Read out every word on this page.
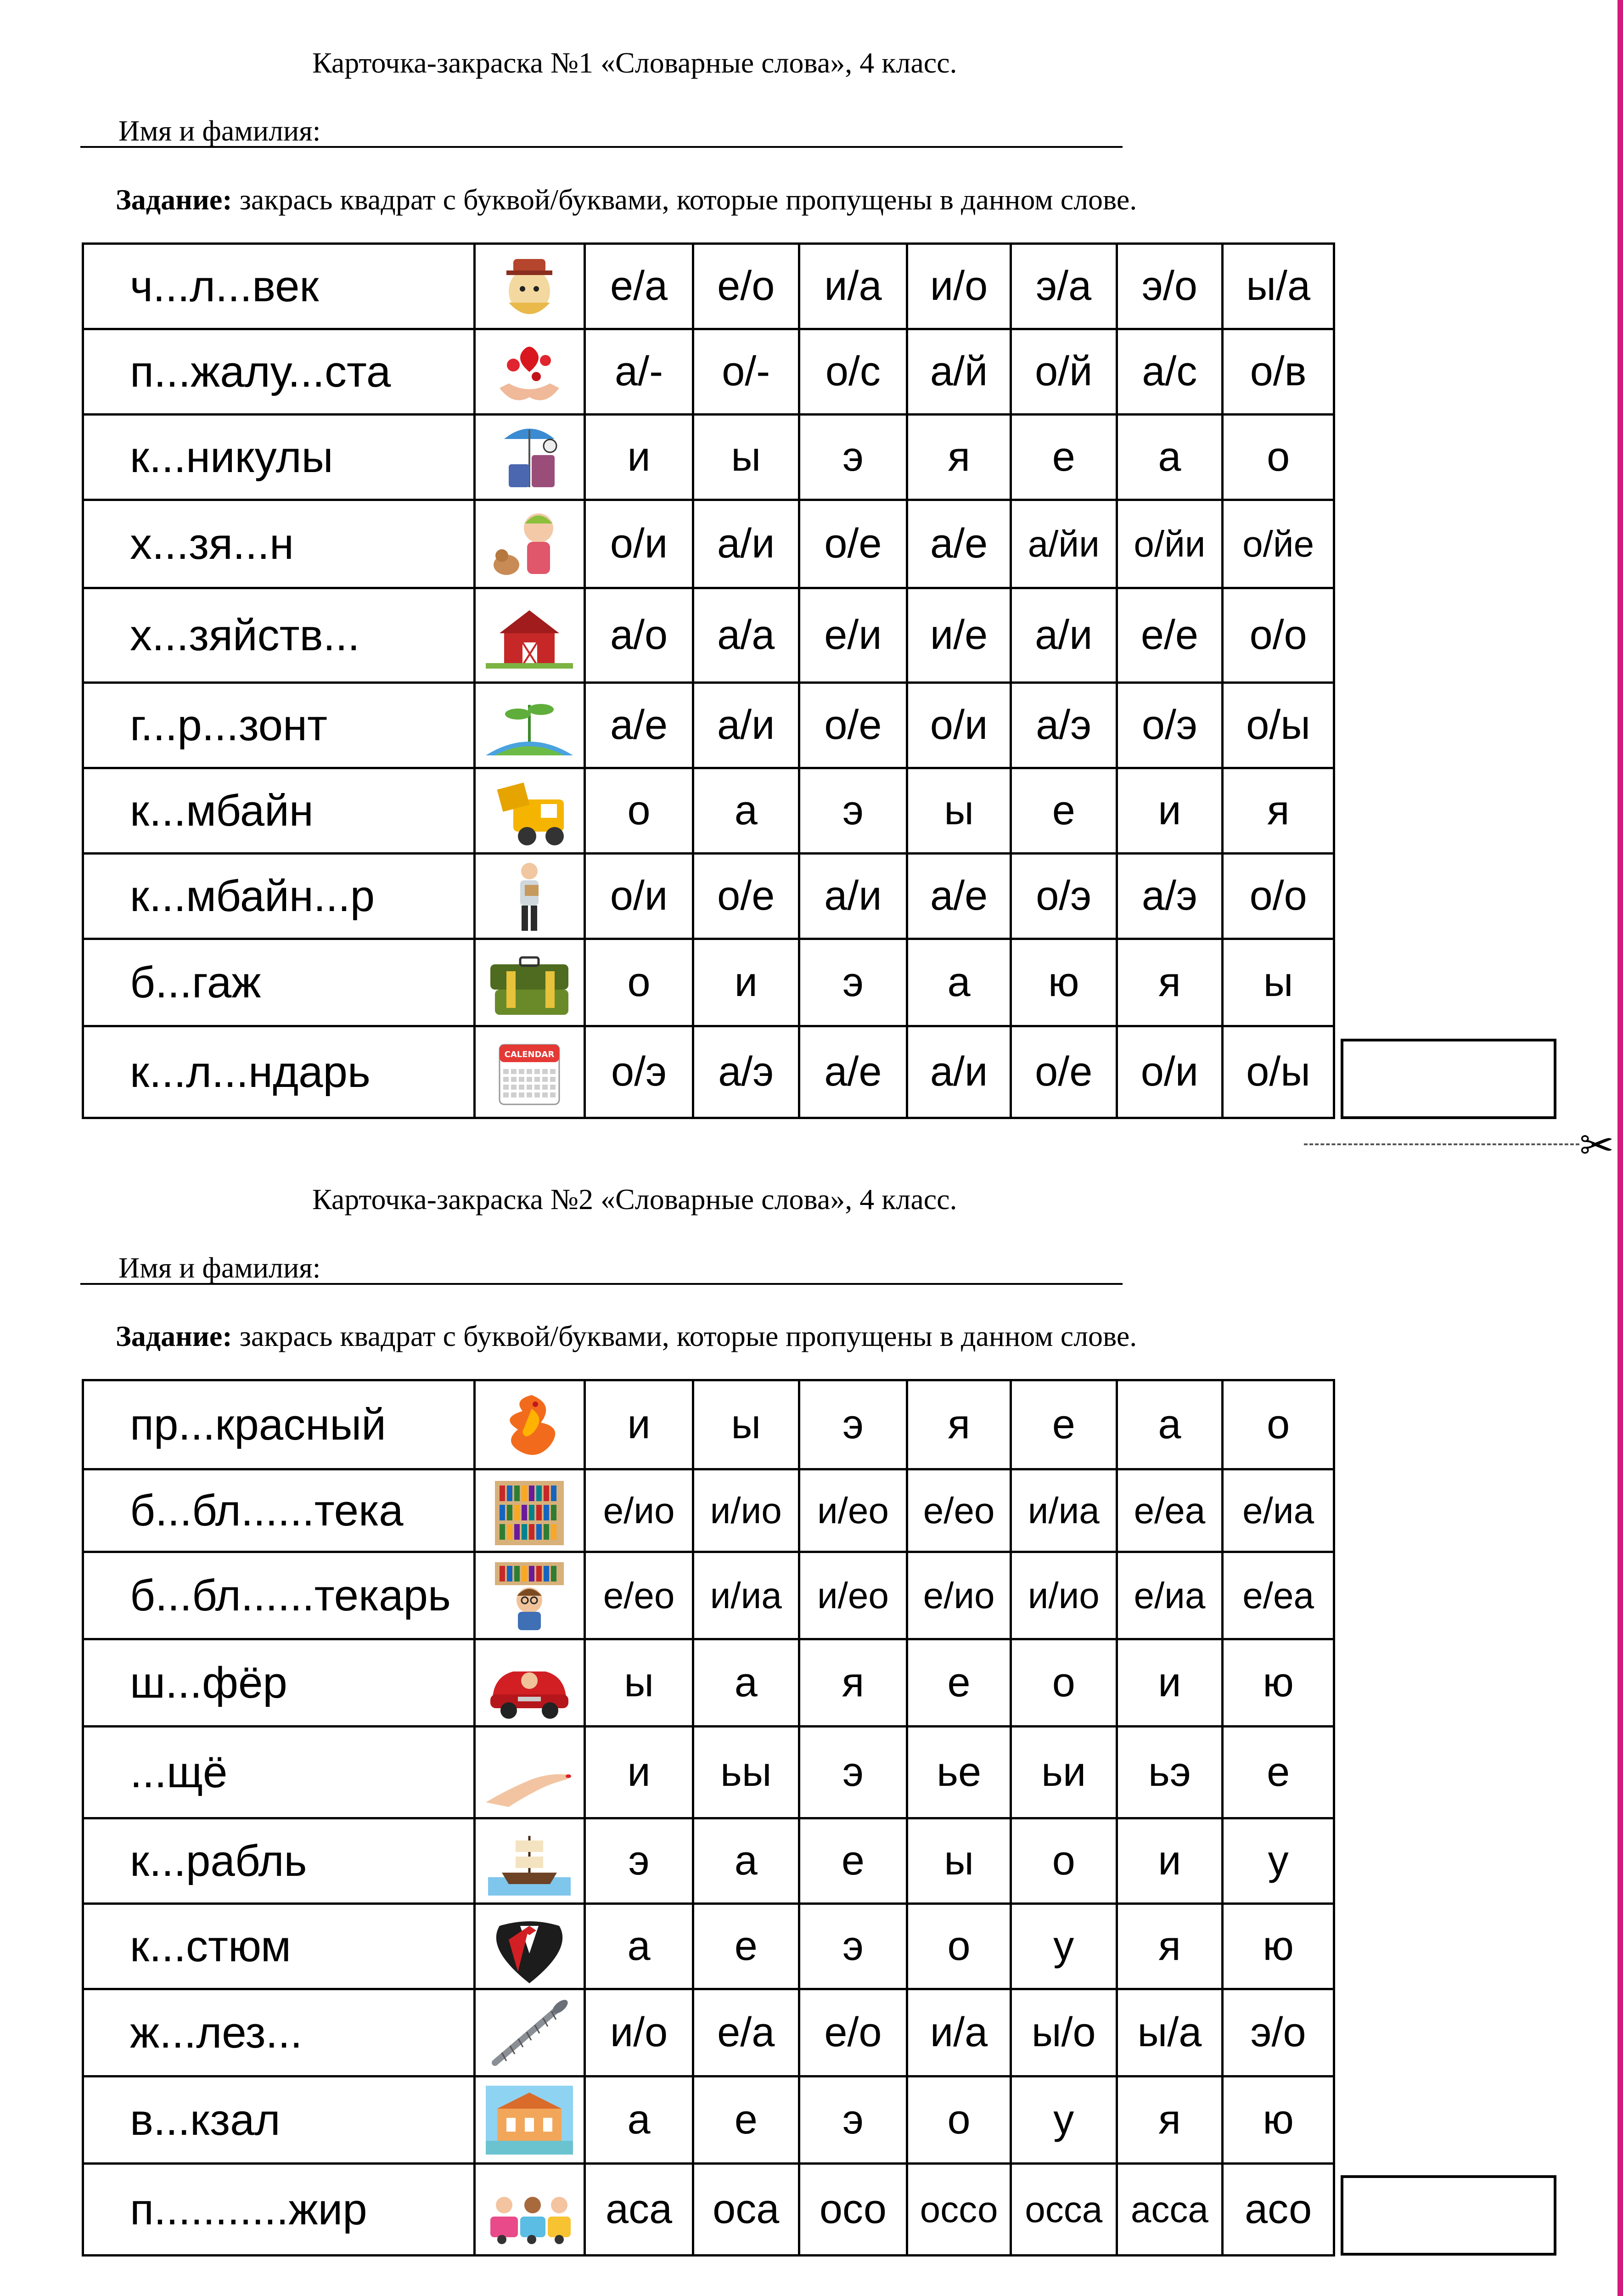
Карточка-закраска №1 «Словарные слова», 4 класс.
Имя и фамилия:
Задание: закрась квадрат с буквой/буквами, которые пропущены в данном слове.
ч...л...век		е/а	е/о	и/а	и/о	э/а	э/о	ы/а
п...жалу...ста		а/-	о/-	о/с	а/й	о/й	а/с	о/в
к...никулы		и	ы	э	я	е	а	о
х...зя...н		о/и	а/и	о/е	а/е	а/йи	о/йи	о/йе
х...зяйств...		а/о	а/а	е/и	и/е	а/и	е/е	о/о
г...р...зонт		а/е	а/и	о/е	о/и	а/э	о/э	о/ы
к...мбайн		о	а	э	ы	е	и	я
к...мбайн...р		о/и	о/е	а/и	а/е	о/э	а/э	о/о
б...гаж		о	и	э	а	ю	я	ы
к...л...ндарь	CALENDAR	о/э	а/э	а/е	а/и	о/е	о/и	о/ы
✂
Карточка-закраска №2 «Словарные слова», 4 класс.
Имя и фамилия:
Задание: закрась квадрат с буквой/буквами, которые пропущены в данном слове.
пр...красный		и	ы	э	я	е	а	о
б...бл......тека		е/ио	и/ио	и/ео	е/ео	и/иа	е/еа	е/иа
б...бл......текарь		е/ео	и/иа	и/ео	е/ио	и/ио	е/иа	е/еа
ш...фёр		ы	а	я	е	о	и	ю
...щё		и	ьы	э	ье	ьи	ьэ	е
к...рабль		э	а	е	ы	о	и	у
к...стюм		а	е	э	о	у	я	ю
ж...лез...		и/о	е/а	е/о	и/а	ы/о	ы/а	э/о
в...кзал		а	е	э	о	у	я	ю
п...........жир		аса	оса	осо	оссо	осса	асса	асо
